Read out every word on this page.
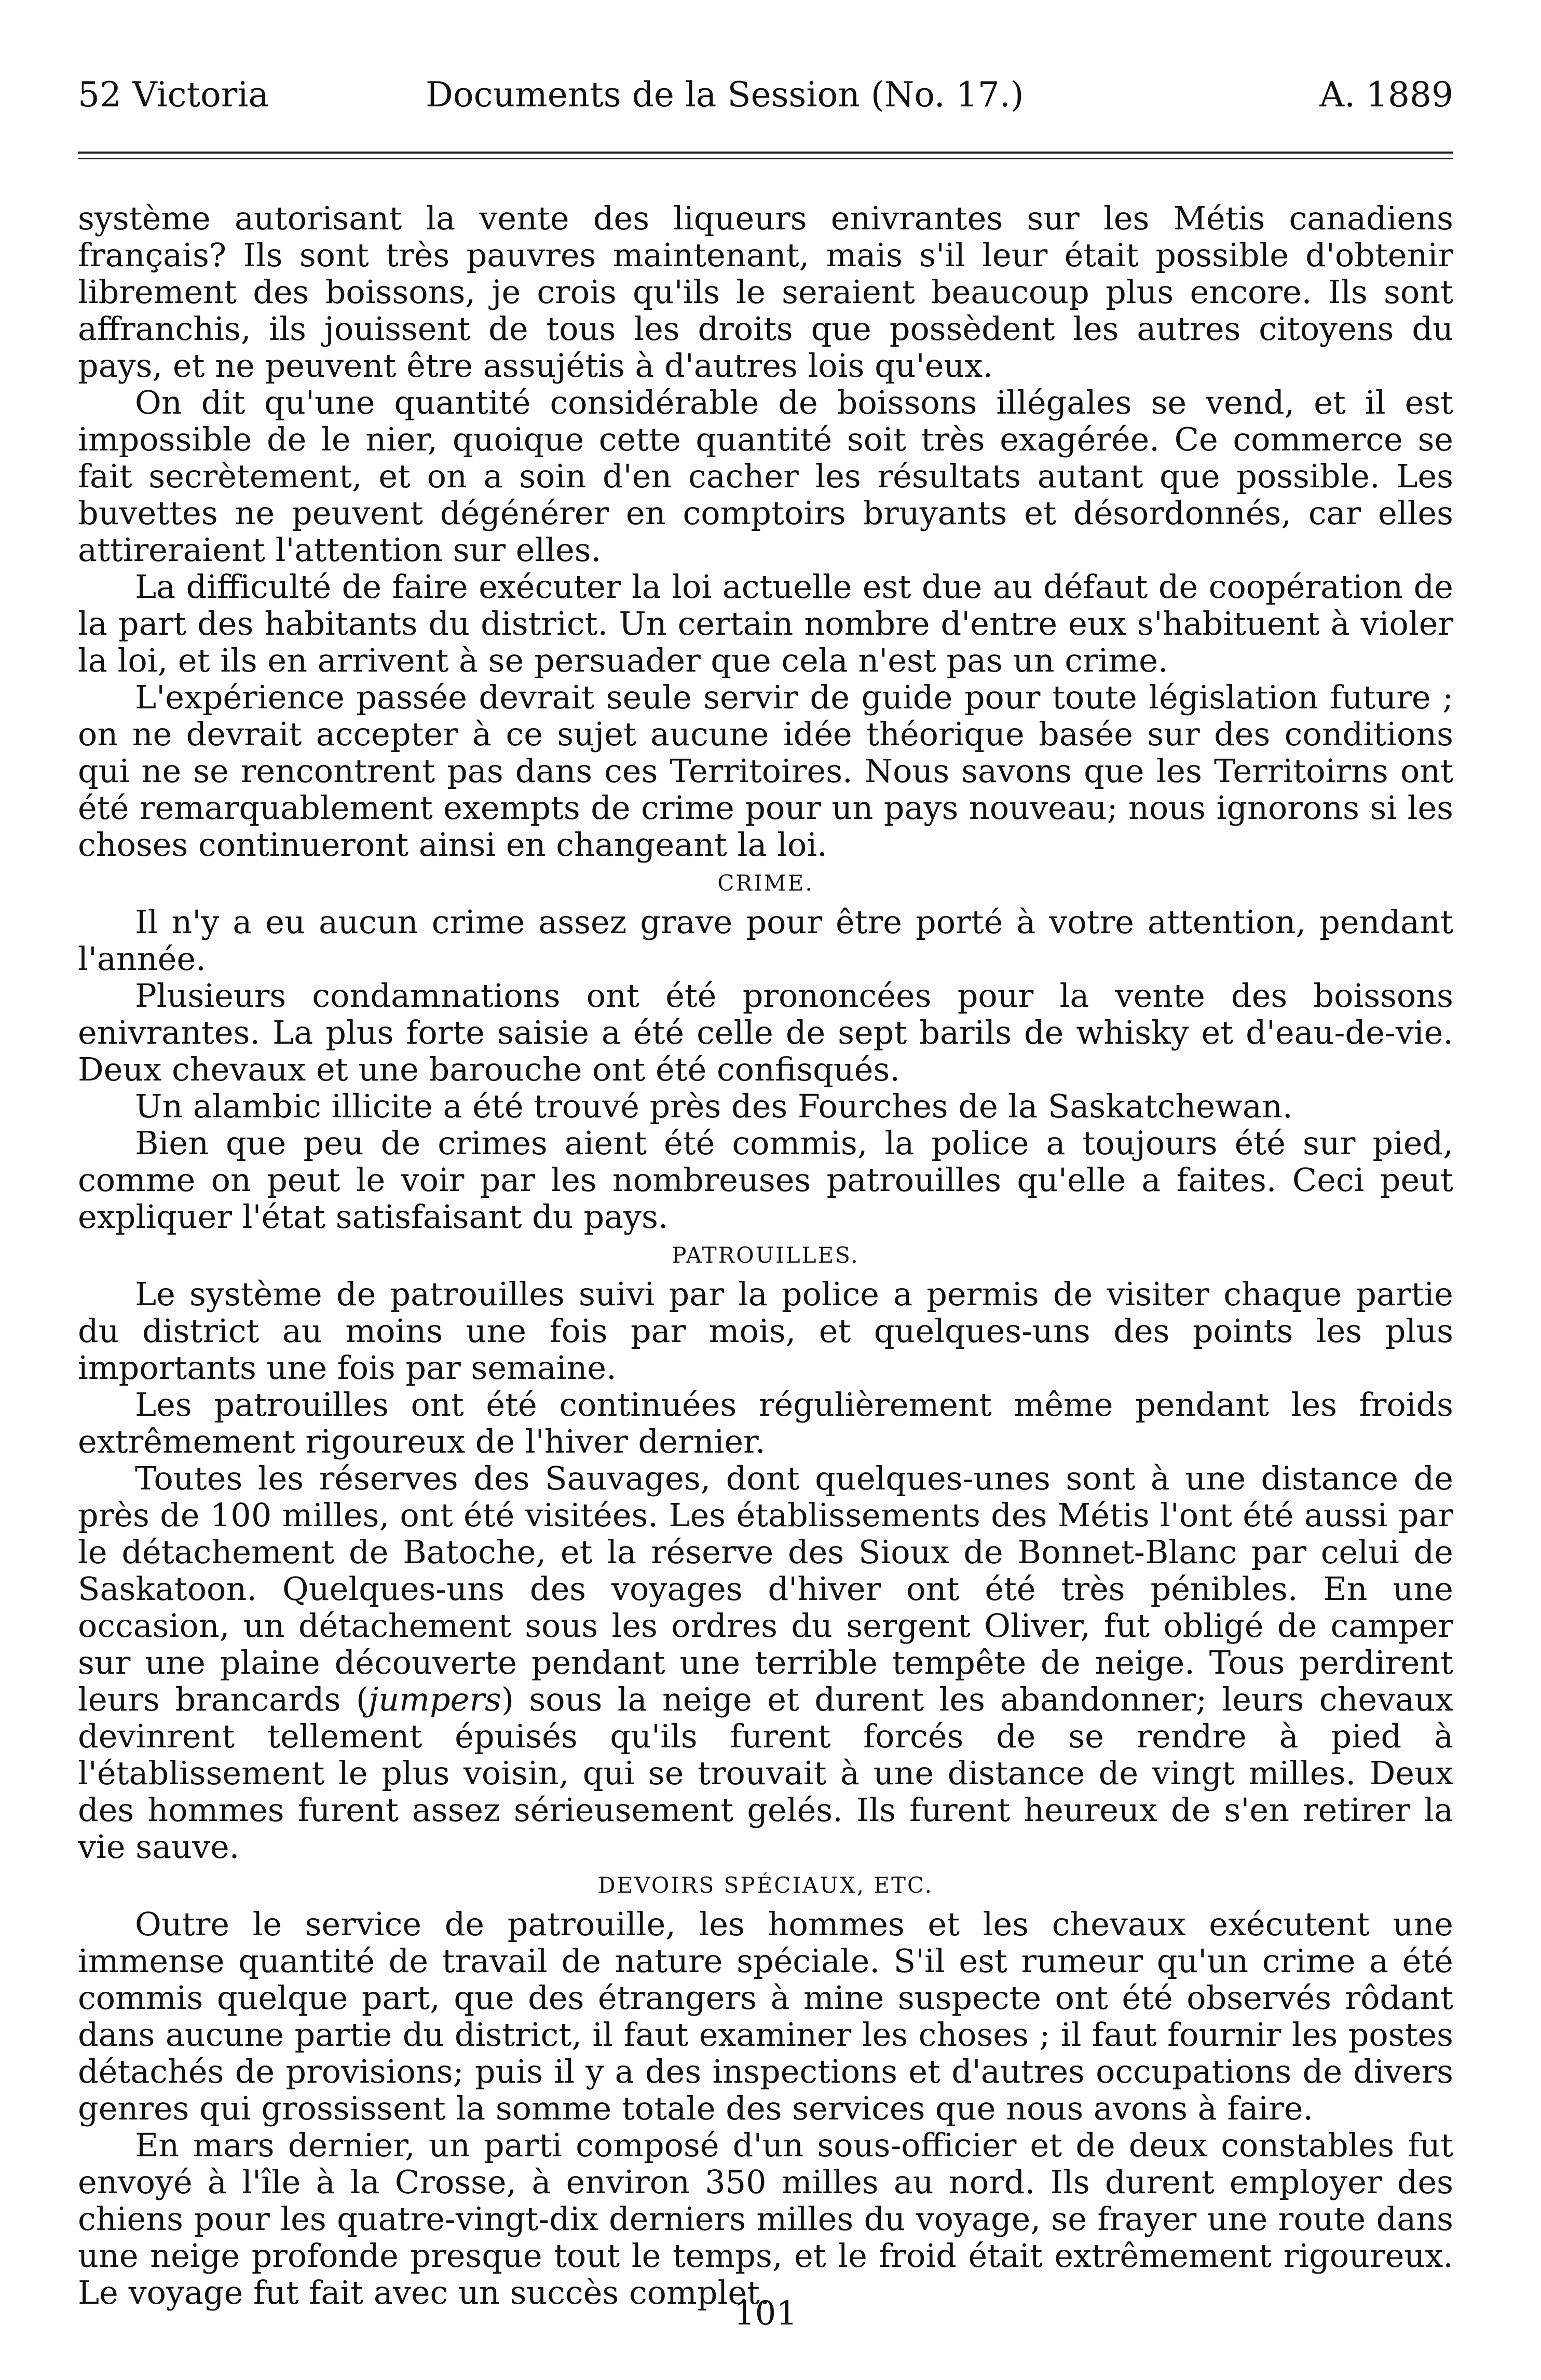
52 Victoria	Documents de la Session (No. 17.)	A. 1889

système autorisant la vente des liqueurs enivrantes sur les Métis canadiens français? Ils sont très pauvres maintenant, mais s'il leur était possible d'obtenir librement des boissons, je crois qu'ils le seraient beaucoup plus encore. Ils sont affranchis, ils jouissent de tous les droits que possèdent les autres citoyens du pays, et ne peuvent être assujétis à d'autres lois qu'eux.

On dit qu'une quantité considérable de boissons illégales se vend, et il est impossible de le nier, quoique cette quantité soit très exagérée. Ce commerce se fait secrètement, et on a soin d'en cacher les résultats autant que possible. Les buvettes ne peuvent dégénérer en comptoirs bruyants et désordonnés, car elles attireraient l'attention sur elles.

La difficulté de faire exécuter la loi actuelle est due au défaut de coopération de la part des habitants du district. Un certain nombre d'entre eux s'habituent à violer la loi, et ils en arrivent à se persuader que cela n'est pas un crime.

L'expérience passée devrait seule servir de guide pour toute législation future ; on ne devrait accepter à ce sujet aucune idée théorique basée sur des conditions qui ne se rencontrent pas dans ces Territoires. Nous savons que les Territoirns ont été remarquablement exempts de crime pour un pays nouveau; nous ignorons si les choses continueront ainsi en changeant la loi.

CRIME.

Il n'y a eu aucun crime assez grave pour être porté à votre attention, pendant l'année.

Plusieurs condamnations ont été prononcées pour la vente des boissons enivrantes. La plus forte saisie a été celle de sept barils de whisky et d'eau-de-vie. Deux chevaux et une barouche ont été confisqués.

Un alambic illicite a été trouvé près des Fourches de la Saskatchewan.

Bien que peu de crimes aient été commis, la police a toujours été sur pied, comme on peut le voir par les nombreuses patrouilles qu'elle a faites. Ceci peut expliquer l'état satisfaisant du pays.

PATROUILLES.

Le système de patrouilles suivi par la police a permis de visiter chaque partie du district au moins une fois par mois, et quelques-uns des points les plus importants une fois par semaine.

Les patrouilles ont été continuées régulièrement même pendant les froids extrêmement rigoureux de l'hiver dernier.

Toutes les réserves des Sauvages, dont quelques-unes sont à une distance de près de 100 milles, ont été visitées. Les établissements des Métis l'ont été aussi par le détachement de Batoche, et la réserve des Sioux de Bonnet-Blanc par celui de Saskatoon. Quelques-uns des voyages d'hiver ont été très pénibles. En une occasion, un détachement sous les ordres du sergent Oliver, fut obligé de camper sur une plaine découverte pendant une terrible tempête de neige. Tous perdirent leurs brancards (jumpers) sous la neige et durent les abandonner; leurs chevaux devinrent tellement épuisés qu'ils furent forcés de se rendre à pied à l'établissement le plus voisin, qui se trouvait à une distance de vingt milles. Deux des hommes furent assez sérieusement gelés. Ils furent heureux de s'en retirer la vie sauve.

DEVOIRS SPÉCIAUX, ETC.

Outre le service de patrouille, les hommes et les chevaux exécutent une immense quantité de travail de nature spéciale. S'il est rumeur qu'un crime a été commis quelque part, que des étrangers à mine suspecte ont été observés rôdant dans aucune partie du district, il faut examiner les choses ; il faut fournir les postes détachés de provisions; puis il y a des inspections et d'autres occupations de divers genres qui grossissent la somme totale des services que nous avons à faire.

En mars dernier, un parti composé d'un sous-officier et de deux constables fut envoyé à l'île à la Crosse, à environ 350 milles au nord. Ils durent employer des chiens pour les quatre-vingt-dix derniers milles du voyage, se frayer une route dans une neige profonde presque tout le temps, et le froid était extrêmement rigoureux. Le voyage fut fait avec un succès complet.

101
